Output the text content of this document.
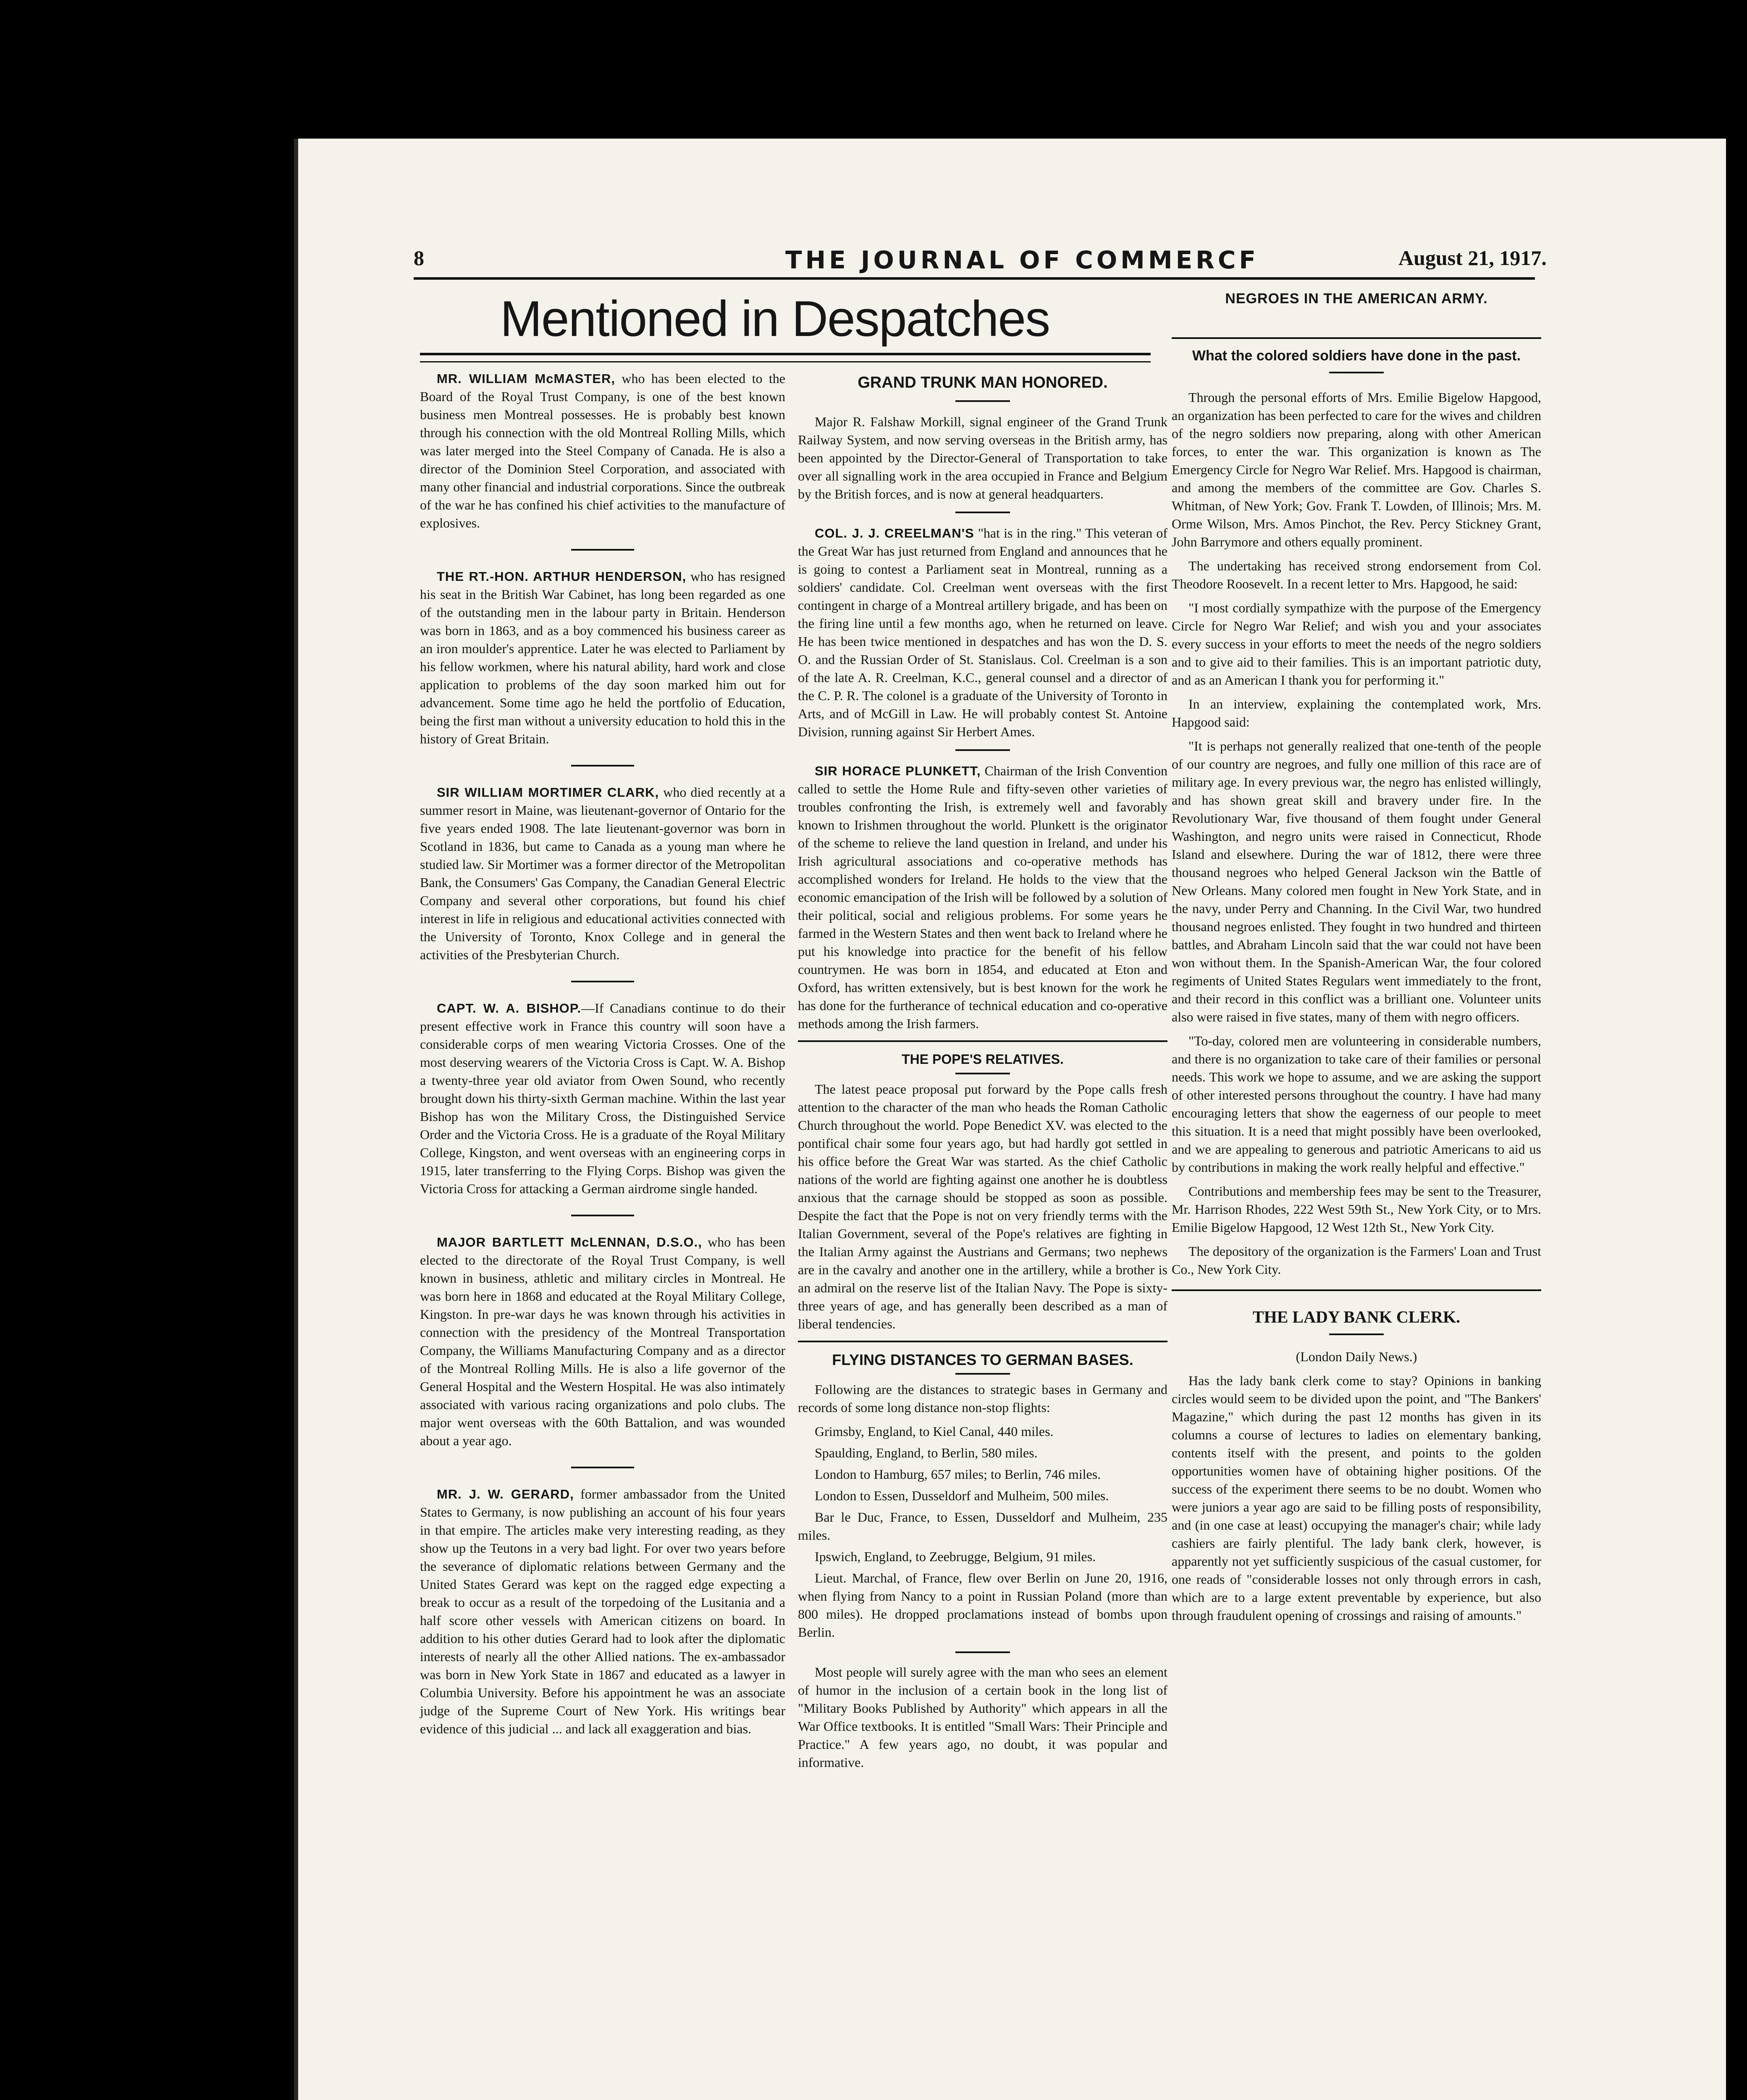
8	THE JOURNAL OF COMMERCF	August 21, 1917.
Mentioned in Despatches

MR. WILLIAM McMASTER, who has been elected to the Board of the Royal Trust Company, is one of the best known business men Montreal possesses. He is probably best known through his connection with the old Montreal Rolling Mills, which was later merged into the Steel Company of Canada. He is also a director of the Dominion Steel Corporation, and associated with many other financial and industrial corporations. Since the outbreak of the war he has confined his chief activities to the manufacture of explosives.

THE RT.-HON. ARTHUR HENDERSON, who has resigned his seat in the British War Cabinet, has long been regarded as one of the outstanding men in the labour party in Britain. Henderson was born in 1863, and as a boy commenced his business career as an iron moulder's apprentice. Later he was elected to Parliament by his fellow workmen, where his natural ability, hard work and close application to problems of the day soon marked him out for advancement. Some time ago he held the portfolio of Education, being the first man without a university education to hold this in the history of Great Britain.

SIR WILLIAM MORTIMER CLARK, who died recently at a summer resort in Maine, was lieutenant-governor of Ontario for the five years ended 1908. The late lieutenant-governor was born in Scotland in 1836, but came to Canada as a young man where he studied law. Sir Mortimer was a former director of the Metropolitan Bank, the Consumers' Gas Company, the Canadian General Electric Company and several other corporations, but found his chief interest in life in religious and educational activities connected with the University of Toronto, Knox College and in general the activities of the Presbyterian Church.

CAPT. W. A. BISHOP.—If Canadians continue to do their present effective work in France this country will soon have a considerable corps of men wearing Victoria Crosses. One of the most deserving wearers of the Victoria Cross is Capt. W. A. Bishop a twenty-three year old aviator from Owen Sound, who recently brought down his thirty-sixth German machine. Within the last year Bishop has won the Military Cross, the Distinguished Service Order and the Victoria Cross. He is a graduate of the Royal Military College, Kingston, and went overseas with an engineering corps in 1915, later transferring to the Flying Corps. Bishop was given the Victoria Cross for attacking a German airdrome single handed.

MAJOR BARTLETT McLENNAN, D.S.O., who has been elected to the directorate of the Royal Trust Company, is well known in business, athletic and military circles in Montreal. He was born here in 1868 and educated at the Royal Military College, Kingston. In pre-war days he was known through his activities in connection with the presidency of the Montreal Transportation Company, the Williams Manufacturing Company and as a director of the Montreal Rolling Mills. He is also a life governor of the General Hospital and the Western Hospital. He was also intimately associated with various racing organizations and polo clubs. The major went overseas with the 60th Battalion, and was wounded about a year ago.

MR. J. W. GERARD, former ambassador from the United States to Germany, is now publishing an account of his four years in that empire. The articles make very interesting reading, as they show up the Teutons in a very bad light. For over two years before the severance of diplomatic relations between Germany and the United States Gerard was kept on the ragged edge expecting a break to occur as a result of the torpedoing of the Lusitania and a half score other vessels with American citizens on board. In addition to his other duties Gerard had to look after the diplomatic interests of nearly all the other Allied nations. The ex-ambassador was born in New York State in 1867 and educated as a lawyer in Columbia University. Before his appointment he was an associate judge of the Supreme Court of New York. His writings bear evidence of this judicial ... and lack all exaggeration and bias.

GRAND TRUNK MAN HONORED.

Major R. Falshaw Morkill, signal engineer of the Grand Trunk Railway System, and now serving overseas in the British army, has been appointed by the Director-General of Transportation to take over all signalling work in the area occupied in France and Belgium by the British forces, and is now at general headquarters.

COL. J. J. CREELMAN'S "hat is in the ring." This veteran of the Great War has just returned from England and announces that he is going to contest a Parliament seat in Montreal, running as a soldiers' candidate. Col. Creelman went overseas with the first contingent in charge of a Montreal artillery brigade, and has been on the firing line until a few months ago, when he returned on leave. He has been twice mentioned in despatches and has won the D. S. O. and the Russian Order of St. Stanislaus. Col. Creelman is a son of the late A. R. Creelman, K.C., general counsel and a director of the C. P. R. The colonel is a graduate of the University of Toronto in Arts, and of McGill in Law. He will probably contest St. Antoine Division, running against Sir Herbert Ames.

SIR HORACE PLUNKETT, Chairman of the Irish Convention called to settle the Home Rule and fifty-seven other varieties of troubles confronting the Irish, is extremely well and favorably known to Irishmen throughout the world. Plunkett is the originator of the scheme to relieve the land question in Ireland, and under his Irish agricultural associations and co-operative methods has accomplished wonders for Ireland. He holds to the view that the economic emancipation of the Irish will be followed by a solution of their political, social and religious problems. For some years he farmed in the Western States and then went back to Ireland where he put his knowledge into practice for the benefit of his fellow countrymen. He was born in 1854, and educated at Eton and Oxford, has written extensively, but is best known for the work he has done for the furtherance of technical education and co-operative methods among the Irish farmers.

THE POPE'S RELATIVES.

The latest peace proposal put forward by the Pope calls fresh attention to the character of the man who heads the Roman Catholic Church throughout the world. Pope Benedict XV. was elected to the pontifical chair some four years ago, but had hardly got settled in his office before the Great War was started. As the chief Catholic nations of the world are fighting against one another he is doubtless anxious that the carnage should be stopped as soon as possible. Despite the fact that the Pope is not on very friendly terms with the Italian Government, several of the Pope's relatives are fighting in the Italian Army against the Austrians and Germans; two nephews are in the cavalry and another one in the artillery, while a brother is an admiral on the reserve list of the Italian Navy. The Pope is sixty-three years of age, and has generally been described as a man of liberal tendencies.

FLYING DISTANCES TO GERMAN BASES.

Following are the distances to strategic bases in Germany and records of some long distance non-stop flights:

Grimsby, England, to Kiel Canal, 440 miles.

Spaulding, England, to Berlin, 580 miles.

London to Hamburg, 657 miles; to Berlin, 746 miles.

London to Essen, Dusseldorf and Mulheim, 500 miles.

Bar le Duc, France, to Essen, Dusseldorf and Mulheim, 235 miles.

Ipswich, England, to Zeebrugge, Belgium, 91 miles.

Lieut. Marchal, of France, flew over Berlin on June 20, 1916, when flying from Nancy to a point in Russian Poland (more than 800 miles). He dropped proclamations instead of bombs upon Berlin.

Most people will surely agree with the man who sees an element of humor in the inclusion of a certain book in the long list of "Military Books Published by Authority" which appears in all the War Office textbooks. It is entitled "Small Wars: Their Principle and Practice." A few years ago, no doubt, it was popular and informative.

NEGROES IN THE AMERICAN ARMY.
What the colored soldiers have done in the past.

Through the personal efforts of Mrs. Emilie Bigelow Hapgood, an organization has been perfected to care for the wives and children of the negro soldiers now preparing, along with other American forces, to enter the war. This organization is known as The Emergency Circle for Negro War Relief. Mrs. Hapgood is chairman, and among the members of the committee are Gov. Charles S. Whitman, of New York; Gov. Frank T. Lowden, of Illinois; Mrs. M. Orme Wilson, Mrs. Amos Pinchot, the Rev. Percy Stickney Grant, John Barrymore and others equally prominent.

The undertaking has received strong endorsement from Col. Theodore Roosevelt. In a recent letter to Mrs. Hapgood, he said:

"I most cordially sympathize with the purpose of the Emergency Circle for Negro War Relief; and wish you and your associates every success in your efforts to meet the needs of the negro soldiers and to give aid to their families. This is an important patriotic duty, and as an American I thank you for performing it."

In an interview, explaining the contemplated work, Mrs. Hapgood said:

"It is perhaps not generally realized that one-tenth of the people of our country are negroes, and fully one million of this race are of military age. In every previous war, the negro has enlisted willingly, and has shown great skill and bravery under fire. In the Revolutionary War, five thousand of them fought under General Washington, and negro units were raised in Connecticut, Rhode Island and elsewhere. During the war of 1812, there were three thousand negroes who helped General Jackson win the Battle of New Orleans. Many colored men fought in New York State, and in the navy, under Perry and Channing. In the Civil War, two hundred thousand negroes enlisted. They fought in two hundred and thirteen battles, and Abraham Lincoln said that the war could not have been won without them. In the Spanish-American War, the four colored regiments of United States Regulars went immediately to the front, and their record in this conflict was a brilliant one. Volunteer units also were raised in five states, many of them with negro officers.

"To-day, colored men are volunteering in considerable numbers, and there is no organization to take care of their families or personal needs. This work we hope to assume, and we are asking the support of other interested persons throughout the country. I have had many encouraging letters that show the eagerness of our people to meet this situation. It is a need that might possibly have been overlooked, and we are appealing to generous and patriotic Americans to aid us by contributions in making the work really helpful and effective."

Contributions and membership fees may be sent to the Treasurer, Mr. Harrison Rhodes, 222 West 59th St., New York City, or to Mrs. Emilie Bigelow Hapgood, 12 West 12th St., New York City.

The depository of the organization is the Farmers' Loan and Trust Co., New York City.

THE LADY BANK CLERK.

(London Daily News.)

Has the lady bank clerk come to stay? Opinions in banking circles would seem to be divided upon the point, and "The Bankers' Magazine," which during the past 12 months has given in its columns a course of lectures to ladies on elementary banking, contents itself with the present, and points to the golden opportunities women have of obtaining higher positions. Of the success of the experiment there seems to be no doubt. Women who were juniors a year ago are said to be filling posts of responsibility, and (in one case at least) occupying the manager's chair; while lady cashiers are fairly plentiful. The lady bank clerk, however, is apparently not yet sufficiently suspicious of the casual customer, for one reads of "considerable losses not only through errors in cash, which are to a large extent preventable by experience, but also through fraudulent opening of crossings and raising of amounts."
